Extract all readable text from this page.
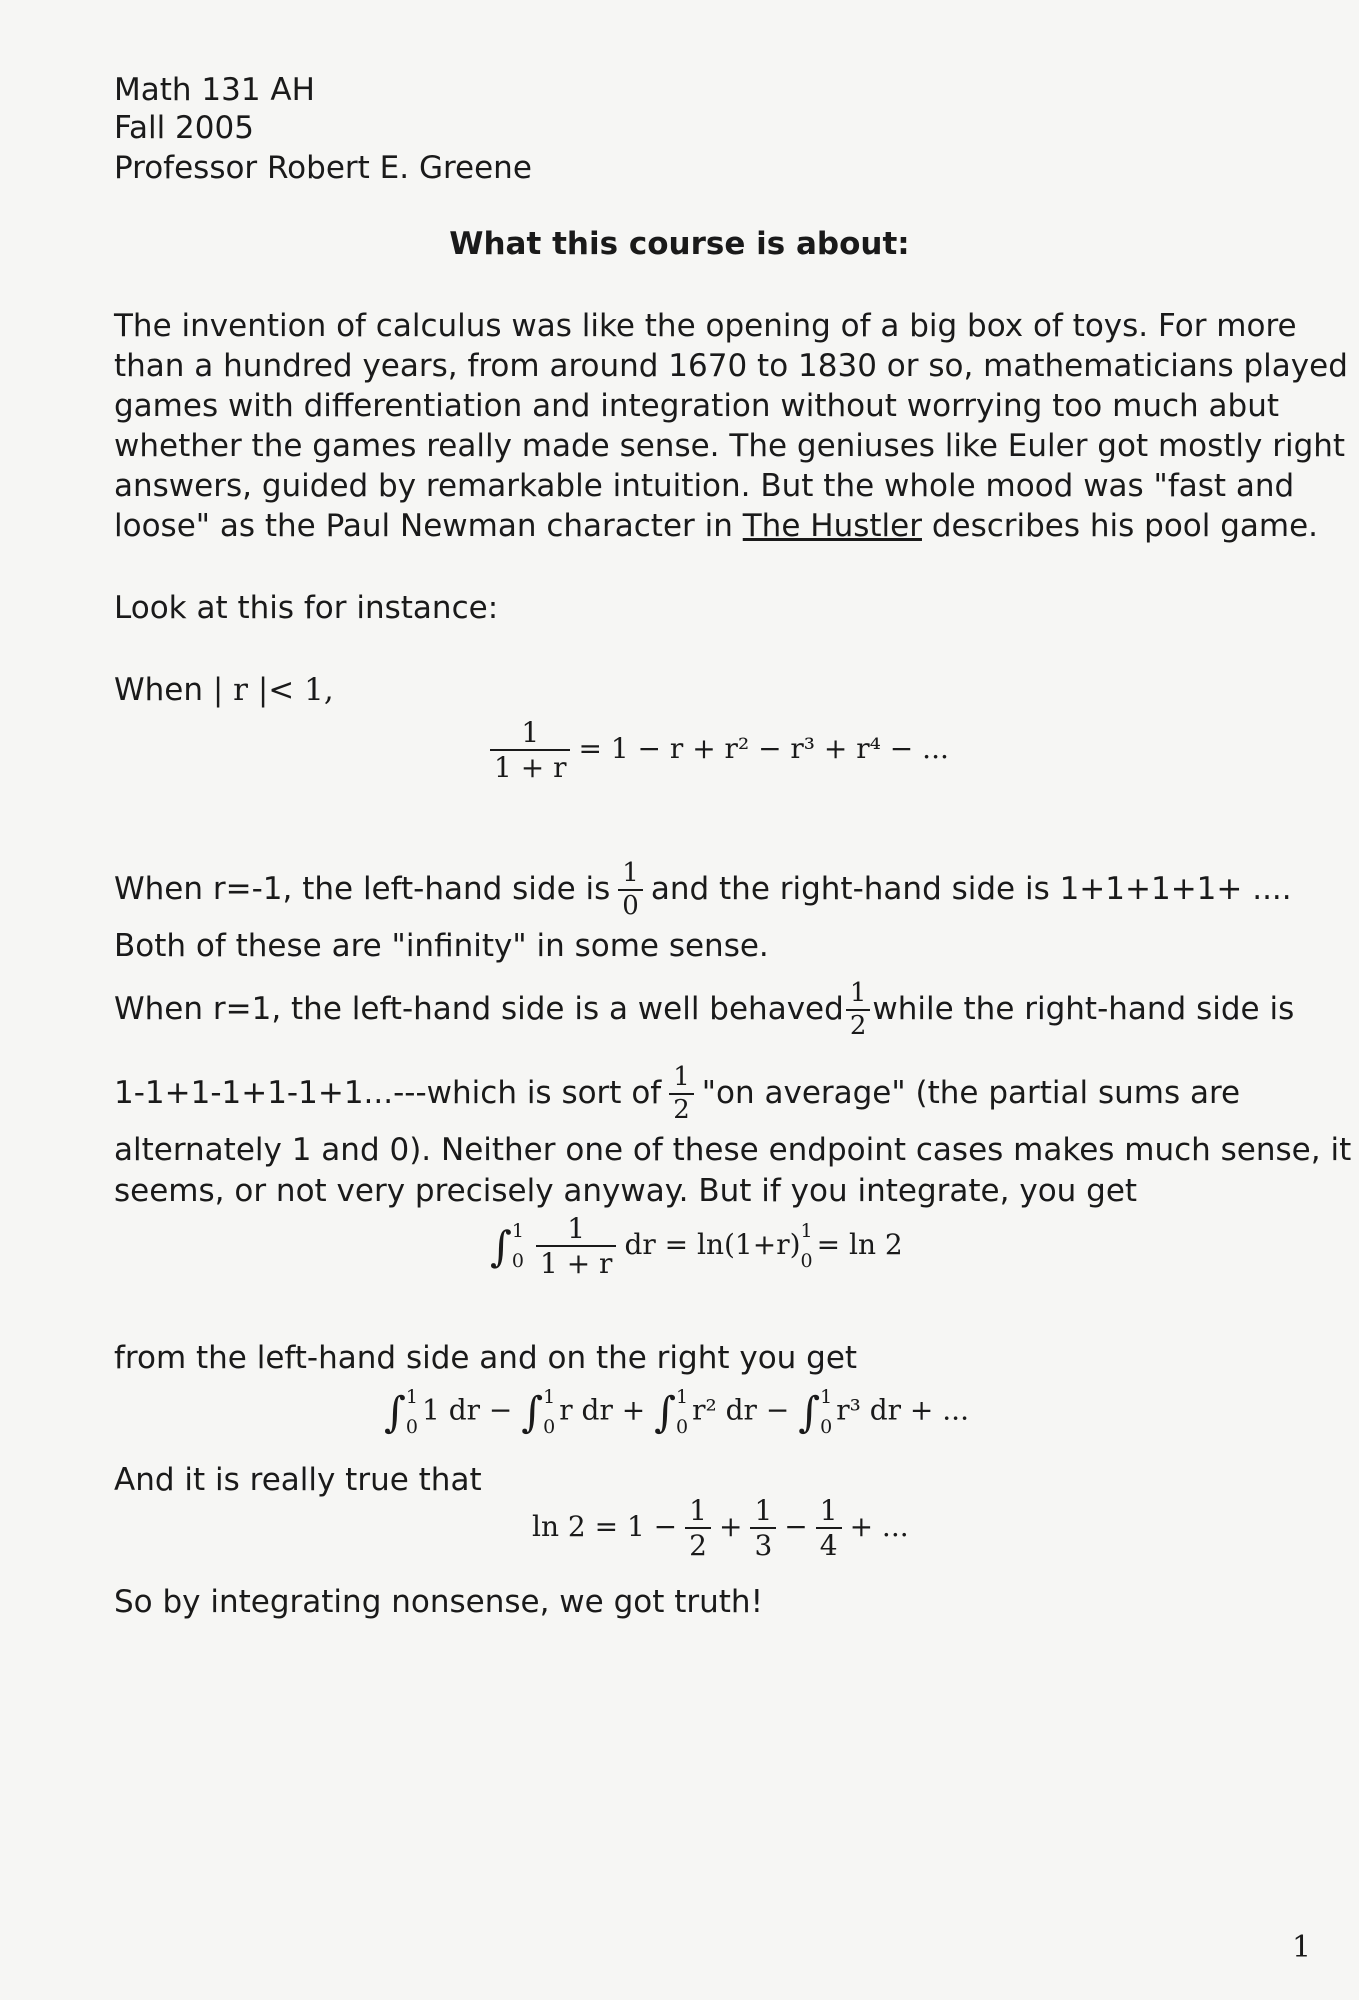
Math 131 AH
Fall 2005
Professor Robert E. Greene
What this course is about:
The invention of calculus was like the opening of a big box of toys. For more
than a hundred years, from around 1670 to 1830 or so, mathematicians played
games with differentiation and integration without worrying too much abut
whether the games really made sense. The geniuses like Euler got mostly right
answers, guided by remarkable intuition. But the whole mood was "fast and
loose" as the Paul Newman character in The Hustler describes his pool game.
Look at this for instance:
When | r |< 1,
$\frac{1}{1 + r} = 1 - r + r^2 - r^3 + r^4$ − ...
When r=-1, the left-hand side is $\frac{1}{0}$ and the right-hand side is 1+1+1+1+ ....
Both of these are "infinity" in some sense.
When r=1, the left-hand side is a well behaved $\frac{1}{2}$ while the right-hand side is
1-1+1-1+1-1+1...---which is sort of $\frac{1}{2}$ "on average" (the partial sums are
alternately 1 and 0). Neither one of these endpoint cases makes much sense, it
seems, or not very precisely anyway. But if you integrate, you get
∫ 1
$0 \frac{1}{1 + r}$ dr = ln(1+r) 1
0
= ln 2
from the left-hand side and on the right you get
∫ 1
0
1 dr − ∫ 1
0
r dr + ∫ 1
0
r² dr − ∫ 1
0
r³ dr + ...
And it is really true that
$\ln 2 = 1 - \frac{1}{2} + \frac{1}{3} - \frac{1}{4}$ + ...
So by integrating nonsense, we got truth!
1
